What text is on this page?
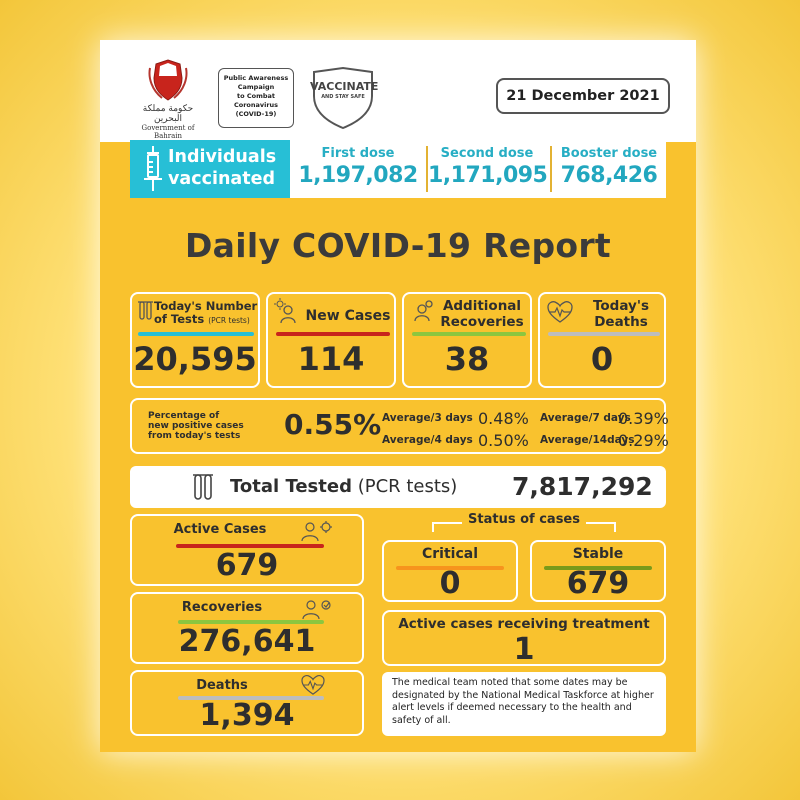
حكومة مملكة البحرين
Government of Bahrain
Public Awareness
Campaign
to Combat
Coronavirus
(COVID-19)
VACCINATE
AND STAY SAFE	21 December 2021
Individuals
vaccinated
First dose
1,197,082
Second dose
1,171,095
Booster dose
768,426
Daily COVID-19 Report
Today's Number
of Tests (PCR tests)
20,595
New Cases
114
Additional
Recoveries
38
Today's
Deaths
0
Percentage of
new positive cases
from today's tests 0.55% Average/3 days 0.48% Average/7 days
0.39%
Average/4 days 0.50% Average/14days
0.29%
Total Tested (PCR tests) 7,817,292
Active Cases
679
Recoveries
276,641
Deaths
1,394
Status of cases
Critical
0
Stable
679
Active cases receiving treatment
1
The medical team noted that some dates may be designated by the National Medical Taskforce at higher alert levels if deemed necessary to the health and safety of all.
